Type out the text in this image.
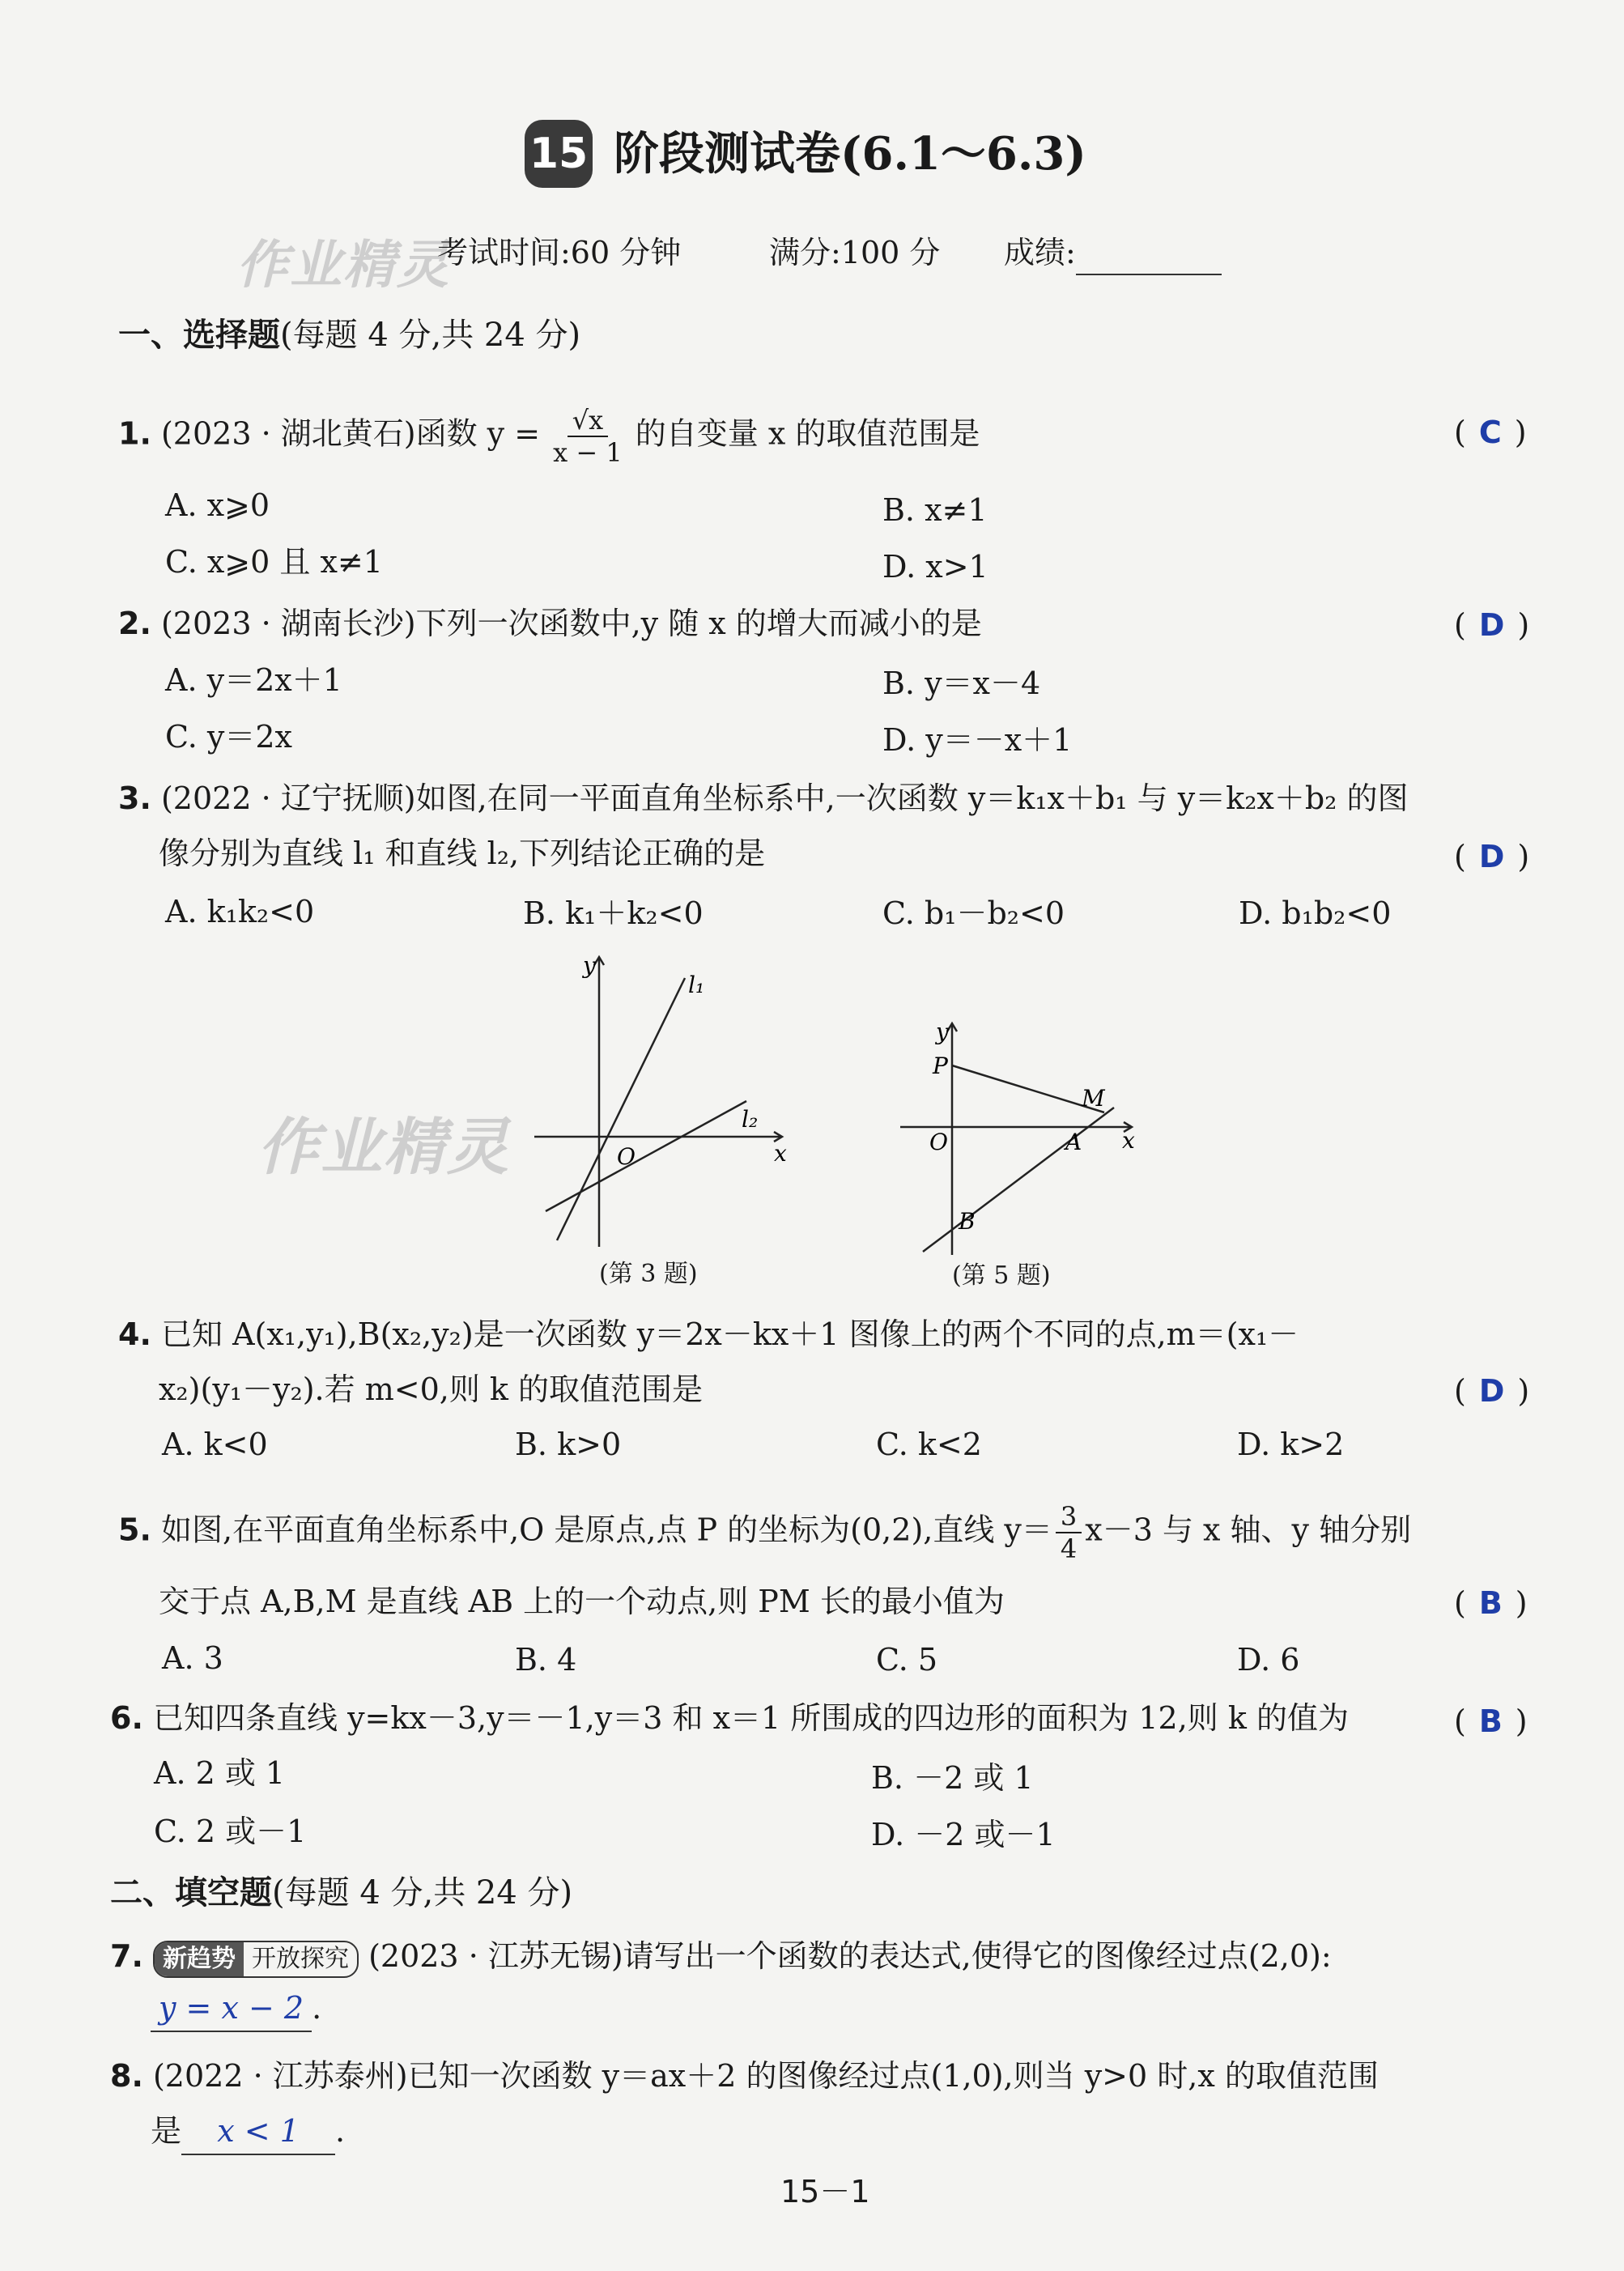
15 阶段测试卷(6.1～6.3)
作业精灵
考试时间:60 分钟	满分:100 分 成绩:
一、选择题(每题 4 分,共 24 分)
1. (2023 · 湖北黄石)函数 $y = \frac{√x}{x - 1}$ 的自变量 x 的取值范围是	( C )
A. x⩾0	B. x≠1
C. x⩾0 且 x≠1	D. x>1
2. (2023 · 湖南长沙)下列一次函数中,y 随 x 的增大而减小的是	( D )
A. y＝2x＋1	B. y＝x－4
C. y＝2x	D. y＝－x＋1
3. (2022 · 辽宁抚顺)如图,在同一平面直角坐标系中,一次函数 y＝k₁x＋b₁ 与 y＝k₂x＋b₂ 的图
像分别为直线 l₁ 和直线 l₂,下列结论正确的是	( D )
A. k₁k₂<0	B. k₁＋k₂<0	C. b₁－b₂<0	D. b₁b₂<0
作业精灵
y
x
O
l₁
l₂
(第 3 题)
y
x
O
P
M
A
B
(第 5 题)
4. 已知 A(x₁,y₁),B(x₂,y₂)是一次函数 y＝2x－kx＋1 图像上的两个不同的点,m＝(x₁－
x₂)(y₁－y₂).若 m<0,则 k 的取值范围是	( D )
A. k<0	B. k>0	C. k<2	D. k>2
5. 如图,在平面直角坐标系中,O 是原点,点 P 的坐标为(0,2),直线 $y= \frac{3}{4} x-3$ 与 x 轴、y 轴分别
交于点 A,B,M 是直线 AB 上的一个动点,则 PM 长的最小值为	( B )
A. 3	B. 4	C. 5	D. 6
6. 已知四条直线 y=kx－3,y＝－1,y＝3 和 x＝1 所围成的四边形的面积为 12,则 k 的值为	( B )
A. 2 或 1	B. －2 或 1
C. 2 或－1	D. －2 或－1
二、填空题(每题 4 分,共 24 分)
7. 新趋势 开放探究 (2023 · 江苏无锡)请写出一个函数的表达式,使得它的图像经过点(2,0):
y = x − 2 .
8. (2022 · 江苏泰州)已知一次函数 y＝ax＋2 的图像经过点(1,0),则当 y>0 时,x 的取值范围
是 x < 1 .
15－1
